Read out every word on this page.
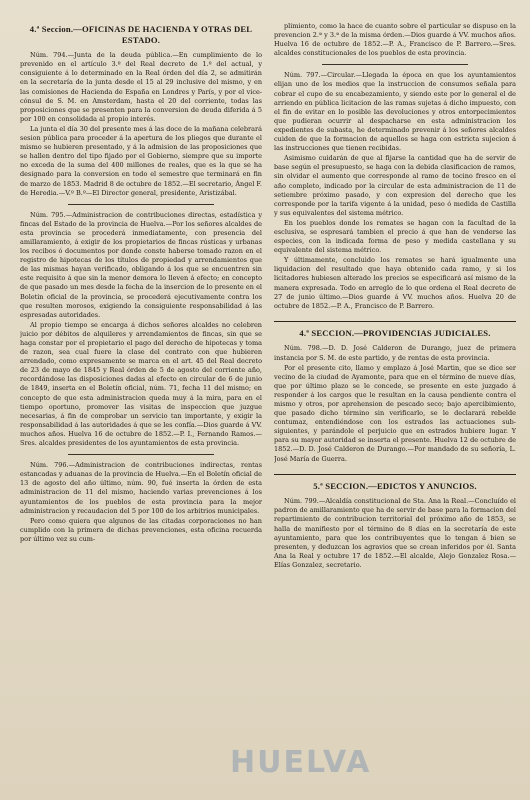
4.ª Seccion.—OFICINAS DE HACIENDA Y OTRAS DEL ESTADO.

Núm. 794.—Junta de la deuda pública.—En cumplimiento de lo prevenido en el artículo 3.º del Real decreto de 1.º del actual, y consiguiente á lo determinado en la Real órden del día 2, se admitirán en la secretaría de la junta desde el 15 al 29 inclusive del mismo, y en las comisiones de Hacienda de España en Londres y París, y por el vice-cónsul de S. M. en Amsterdam, hasta el 20 del corriente, todas las proposiciones que se presenten para la conversion de deuda diferida á 5 por 100 en consolidada al propio interés.

La junta el día 30 del presente mes á las doce de la mañana celebrará sesion pública para proceder á la apertura de los pliegos que durante el mismo se hubieren presentado, y á la admision de las proposiciones que se hallen dentro del tipo fijado por el Gobierno, siempre que su importe no exceda de la suma del 400 millones de reales, que es la que se ha designado para la conversion en todo el semestre que terminará en fin de marzo de 1853. Madrid 8 de octubre de 1852.—El secretario, Ángel F. de Heredia.—V.º B.º—El Director general, presidente, Aristizábal.

Núm. 795.—Administracion de contribuciones directas, estadística y fincas del Estado de la provincia de Huelva.—Por los señores alcaldes de esta provincia se procederá inmediatamente, con presencia del amillaramiento, á exigir de los propietarios de fincas rústicas y urbanas los recibos ó documentos por donde conste haberse tomado razon en el registro de hipotecas de los títulos de propiedad y arrendamientos que de las mismas hayan verificado, obligando á los que se encuentren sin este requisito á que sin la menor demora lo lleven á efecto; en concepto de que pasado un mes desde la fecha de la insercion de lo presente en el Boletin oficial de la provincia, se procederá ejecutivamente contra los que resulten morosos, exigiendo la consiguiente responsabilidad á las espresadas autoridades.

Al propio tiempo se encarga á dichos señores alcaldes no celebren juicio por débitos de alquileres y arrendamientos de fincas, sin que se haga constar por el propietario el pago del derecho de hipotecas y toma de razon, sea cual fuere la clase del contrato con que hubieren arrendado, como expresamente se marca en el art. 45 del Real decreto de 23 de mayo de 1845 y Real órden de 5 de agosto del corriente año, recordándose las disposiciones dadas al efecto en circular de 6 de junio de 1849, inserta en el Boletín oficial, núm. 71, fecha 11 del mismo; en concepto de que esta administracion queda muy á la mira, para en el tiempo oportuno, promover las visitas de inspeccion que juzgue necesarias, á fin de comprobar un servicio tan importante, y exigir la responsabilidad á las autoridades á que se les confía.—Dios guarde á VV. muchos años. Huelva 16 de octubre de 1852.—P. I., Fernando Ramos.—Sres. alcaldes presidentes de los ayuntamientos de esta provincia.

Núm. 796.—Administracion de contribuciones indirectas, rentas estancadas y aduanas de la provincia de Huelva.—En el Boletín oficial de 13 de agosto del año último, núm. 90, fué inserta la órden de esta administracion de 11 del mismo, haciendo varias prevenciones á los ayuntamientos de los pueblos de esta provincia para la mejor administracion y recaudacion del 5 por 100 de los arbitrios municipales.

Pero como quiera que algunos de las citadas corporaciones no han cumplido con la primera de dichas prevenciones, esta oficina recuerda por último vez su cum-

plimiento, como la hace de cuanto sobre el particular se dispuso en la prevencion 2.ª y 3.ª de la misma órden.—Dios guarde á VV. muchos años. Huelva 16 de octubre de 1852.—P. A., Francisco de P. Barrero.—Sres. alcaldes constitucionales de los pueblos de esta provincia.

Núm. 797.—Circular.—Llegada la época en que los ayuntamientos elijan uno de los medios que la instruccion de consumos señala para cobrar el cupo de su encabezamiento, y siendo este por lo general el de arriendo en pública licitacion de las ramas sujetas á dicho impuesto, con el fin de evitar en lo posible las devoluciones y otros entorpecimientos que pudieran ocurrir al despacharse en esta administracion los expedientes de subasta, he determinado prevenir á los señores alcaldes cuiden de que la formacion de aquellos se haga con estricta sujecion á las instrucciones que tienen recibidas.

Asimismo cuidarán de que al fijarse la cantidad que ha de servir de base según el presupuesto, se haga con la debida clasificacion de ramos, sin olvidar el aumento que corresponde al ramo de tocino fresco en el año completo, indicado por la circular de esta administracion de 11 de setiembre próximo pasado, y con expresion del derecho que les corresponde por la tarifa vigente á la unidad, peso ó medida de Castilla y sus equivalentes del sistema métrico.

En los pueblos donde los remates se hagan con la facultad de la esclusiva, se espresará tambien el precio á que han de venderse las especies, con la indicada forma de peso y medida castellana y su equivalente del sistema métrico.

Y últimamente, concluido los remates se hará igualmente una liquidacion del resultado que haya obtenido cada ramo, y si los licitadores hubiesen alterado los precios se especificará así mismo de la manera expresada. Todo en arreglo de lo que ordena el Real decreto de 27 de junio último.—Dios guarde á VV. muchos años. Huelva 20 de octubre de 1852.—P. A., Francisco de P. Barrero.

4.ª SECCION.—PROVIDENCIAS JUDICIALES.

Núm. 798.—D. D. José Calderon de Durango, juez de primera instancia por S. M. de este partido, y de rentas de esta provincia.

Por el presente cito, llamo y emplazo á José Martin, que se dice ser vecino de la ciudad de Ayamonte, para que en el término de nueve días, que por último plazo se le concede, se presente en este juzgado á responder á los cargos que le resultan en la causa pendiente contra el mismo y otros, por aprehension de pescado seco; bajo apercibimiento, que pasado dicho término sin verificarlo, se le declarará rebelde contumaz, entendiéndose con los estrados las actuaciones sub-siguientes, y parándole el perjuicio que en estrados hubiere lugar. Y para su mayor autoridad se inserta el presente. Huelva 12 de octubre de 1852.—D. D. José Calderon de Durango.—Por mandado de su señoría, L. José María de Guerra.

5.ª SECCION.—EDICTOS Y ANUNCIOS.

Núm. 799.—Alcaldía constitucional de Sta. Ana la Real.—Concluído el padron de amillaramiento que ha de servir de base para la formacion del repartimiento de contribucion territorial del próximo año de 1853, se halla de manifiesto por el término de 8 días en la secretaría de este ayuntamiento, para que los contribuyentes que lo tengan á bien se presenten, y deduzcan los agravios que se crean inferidos por él. Santa Ana la Real y octubre 17 de 1852.—El alcalde, Alejo Gonzalez Rosa.—Elías Gonzalez, secretario.

HUELVA
